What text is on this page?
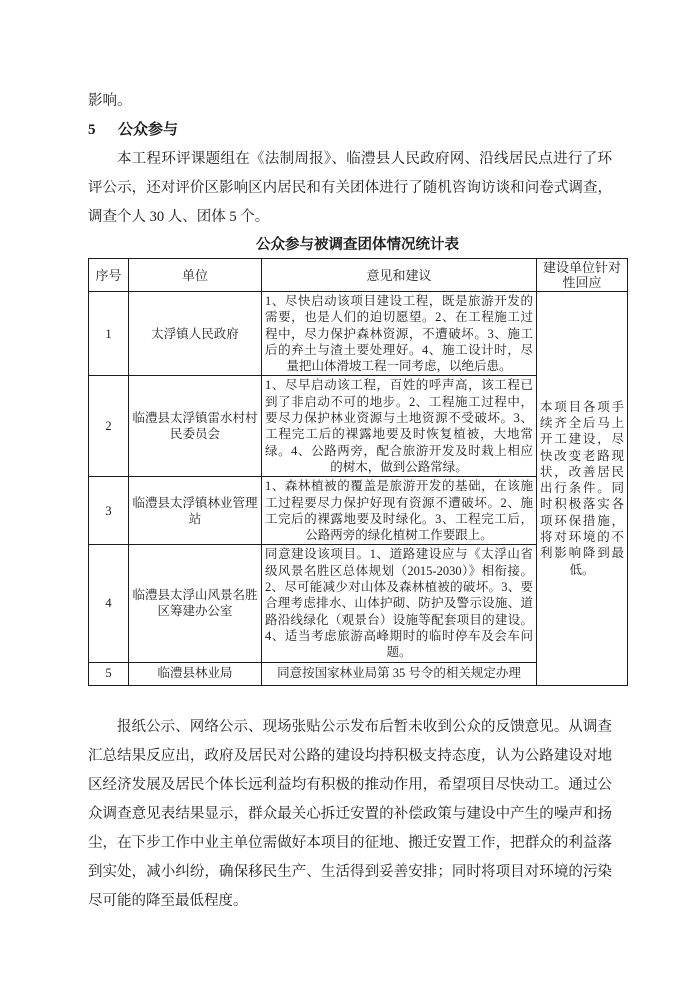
影响。

5 公众参与

本工程环评课题组在《法制周报》、临澧县人民政府网、沿线居民点进行了环评公示，还对评价区影响区内居民和有关团体进行了随机咨询访谈和问卷式调查，调查个人 30 人、团体 5 个。

公众参与被调查团体情况统计表

序号	单位	意见和建议	建设单位针对性回应
1	太浮镇人民政府	1、尽快启动该项目建设工程，既是旅游开发的需要，也是人们的迫切愿望。2、在工程施工过程中，尽力保护森林资源，不遭破坏。3、施工后的弃土与渣土要处理好。4、施工设计时，尽量把山体滑坡工程一同考虑，以绝后患。	本项目各项手续齐全后马上开工建设，尽快改变老路现状，改善居民出行条件。同时积极落实各项环保措施，将对环境的不利影响降到最低。
2	临澧县太浮镇雷水村村民委员会	1、尽早启动该工程，百姓的呼声高，该工程已到了非启动不可的地步。2、工程施工过程中，要尽力保护林业资源与土地资源不受破坏。3、工程完工后的裸露地要及时恢复植被，大地常绿。4、公路两旁，配合旅游开发及时栽上相应的树木，做到公路常绿。	
3	临澧县太浮镇林业管理站	1、森林植被的覆盖是旅游开发的基础，在该施工过程要尽力保护好现有资源不遭破坏。2、施工完后的裸露地要及时绿化。3、工程完工后，公路两旁的绿化植树工作要跟上。	
4	临澧县太浮山风景名胜区筹建办公室	同意建设该项目。1、道路建设应与《太浮山省级风景名胜区总体规划（2015-2030）》相衔接。2、尽可能减少对山体及森林植被的破坏。3、要合理考虑排水、山体护砌、防护及警示设施、道路沿线绿化（观景台）设施等配套项目的建设。4、适当考虑旅游高峰期时的临时停车及会车问题。	
5	临澧县林业局	同意按国家林业局第 35 号令的相关规定办理	

报纸公示、网络公示、现场张贴公示发布后暂未收到公众的反馈意见。从调查汇总结果反应出，政府及居民对公路的建设均持积极支持态度，认为公路建设对地区经济发展及居民个体长远利益均有积极的推动作用，希望项目尽快动工。通过公众调查意见表结果显示，群众最关心拆迁安置的补偿政策与建设中产生的噪声和扬尘，在下步工作中业主单位需做好本项目的征地、搬迁安置工作，把群众的利益落到实处，减小纠纷，确保移民生产、生活得到妥善安排；同时将项目对环境的污染尽可能的降至最低程度。
